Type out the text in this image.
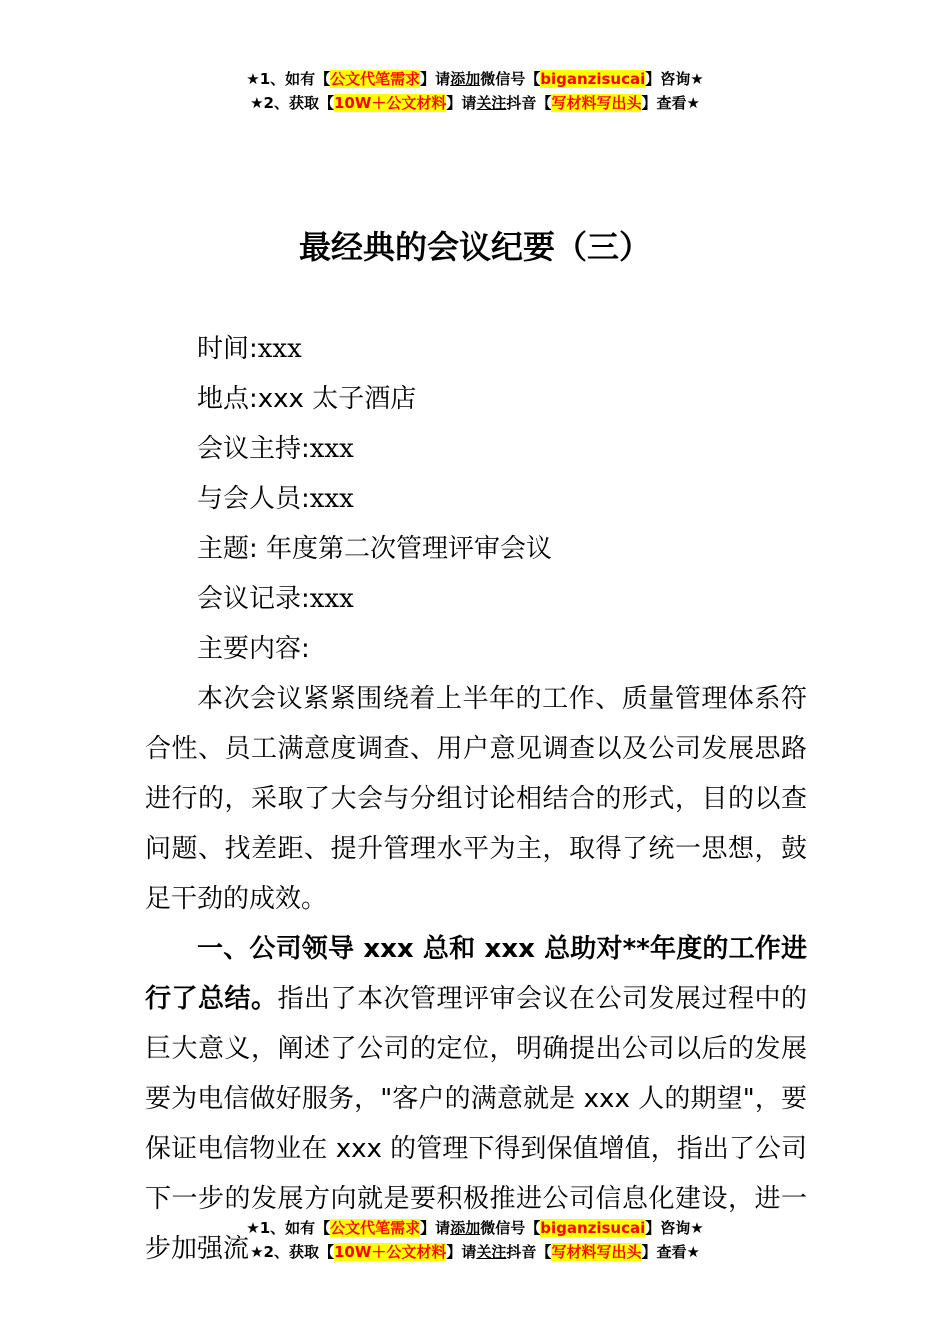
★1、如有【公文代笔需求】请添加微信号【biganzisucai】咨询★
★2、获取【10W＋公文材料】请关注抖音【写材料写出头】查看★
最经典的会议纪要（三）
时间:xxx
地点:xxx 太子酒店
会议主持:xxx
与会人员:xxx
主题: 年度第二次管理评审会议
会议记录:xxx
主要内容:

本次会议紧紧围绕着上半年的工作、质量管理体系符合性、员工满意度调查、用户意见调查以及公司发展思路进行的，采取了大会与分组讨论相结合的形式，目的以查问题、找差距、提升管理水平为主，取得了统一思想，鼓足干劲的成效。

一、公司领导 xxx 总和 xxx 总助对**年度的工作进行了总结。指出了本次管理评审会议在公司发展过程中的巨大意义，阐述了公司的定位，明确提出公司以后的发展要为电信做好服务，"客户的满意就是 xxx 人的期望"，要保证电信物业在 xxx 的管理下得到保值增值，指出了公司下一步的发展方向就是要积极推进公司信息化建设，进一步加强流

★1、如有【公文代笔需求】请添加微信号【biganzisucai】咨询★
★2、获取【10W＋公文材料】请关注抖音【写材料写出头】查看★
